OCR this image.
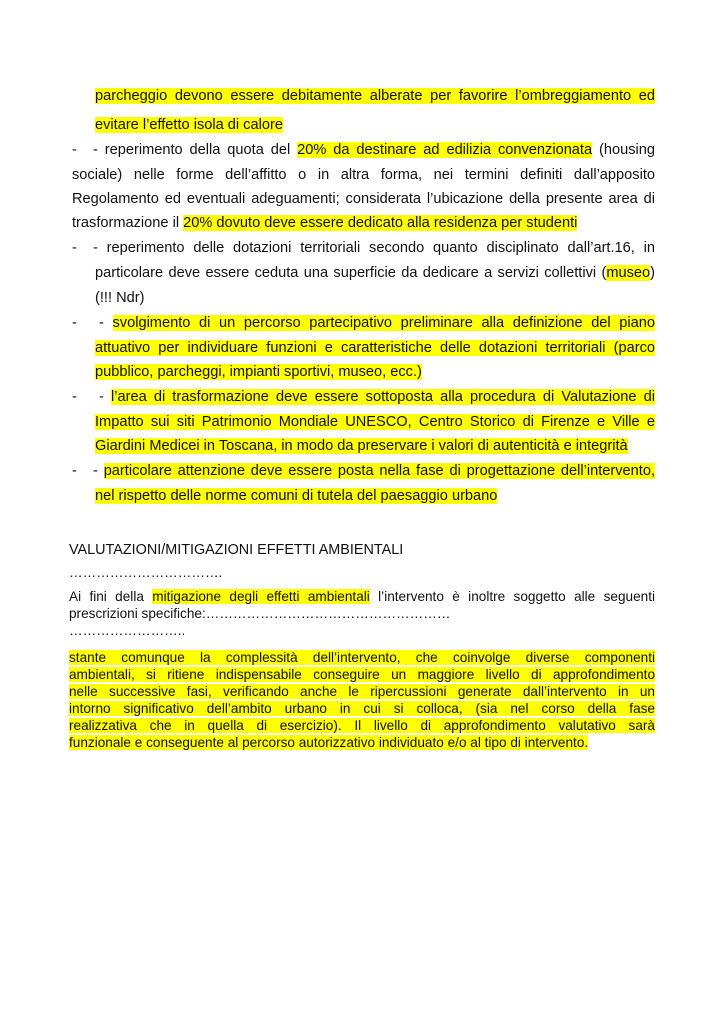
parcheggio devono essere debitamente alberate per favorire l’ombreggiamento ed
evitare l’effetto isola di calore
- - reperimento della quota del 20% da destinare ad edilizia convenzionata (housing
sociale) nelle forme dell’affitto o in altra forma, nei termini definiti dall’apposito
Regolamento ed eventuali adeguamenti; considerata l’ubicazione della presente area di
trasformazione il 20% dovuto deve essere dedicato alla residenza per studenti
- - reperimento delle dotazioni territoriali secondo quanto disciplinato dall’art.16, in
particolare deve essere ceduta una superficie da dedicare a servizi collettivi (museo)
(!!! Ndr)
- - svolgimento di un percorso partecipativo preliminare alla definizione del piano
attuativo per individuare funzioni e caratteristiche delle dotazioni territoriali (parco
pubblico, parcheggi, impianti sportivi, museo, ecc.)
- - l’area di trasformazione deve essere sottoposta alla procedura di Valutazione di
Impatto sui siti Patrimonio Mondiale UNESCO, Centro Storico di Firenze e Ville e
Giardini Medicei in Toscana, in modo da preservare i valori di autenticità e integrità
- - particolare attenzione deve essere posta nella fase di progettazione dell’intervento,
nel rispetto delle norme comuni di tutela del paesaggio urbano
VALUTAZIONI/MITIGAZIONI EFFETTI AMBIENTALI
…………………………….
Ai fini della mitigazione degli effetti ambientali l’intervento è inoltre soggetto alle seguenti
prescrizioni specifiche:………………………………………………
……………………..
stante comunque la complessità dell’intervento, che coinvolge diverse componenti
ambientali, si ritiene indispensabile conseguire un maggiore livello di approfondimento
nelle successive fasi, verificando anche le ripercussioni generate dall’intervento in un
intorno significativo dell’ambito urbano in cui si colloca, (sia nel corso della fase
realizzativa che in quella di esercizio). Il livello di approfondimento valutativo sarà
funzionale e conseguente al percorso autorizzativo individuato e/o al tipo di intervento.
